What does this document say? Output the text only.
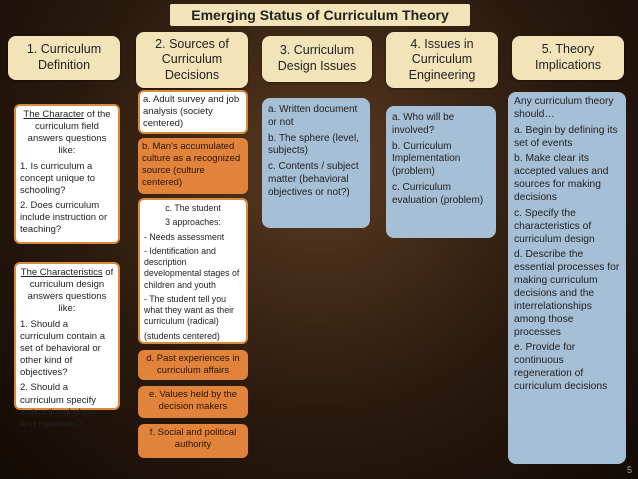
Emerging Status of Curriculum Theory
1. Curriculum Definition
2. Sources of Curriculum Decisions
3. Curriculum Design Issues
4. Issues in Curriculum Engineering
5. Theory Implications

The Character of the curriculum field answers questions like:

1. Is curriculum a concept unique to schooling?

2. Does curriculum include instruction or teaching?

The Characteristics of curriculum design answers questions like:

1. Should a curriculum contain a set of behavioral or other kind of objectives?

2. Should a curriculum specify instructional plans and materials?

a. Adult survey and job analysis (society centered)
b. Man’s accumulated culture as a recognized source (culture centered)

c. The student

3 approaches:

- Needs assessment

- Identification and description developmental stages of children and youth

- The student tell you what they want as their curriculum (radical)

(students centered)

d. Past experiences in curriculum affairs
e. Values held by the decision makers
f. Social and political authority

a. Written document or not

b. The sphere (level, subjects)

c. Contents / subject matter (behavioral objectives or not?)

a. Who will be involved?

b. Curriculum Implementation (problem)

c. Curriculum evaluation (problem)

Any curriculum theory should…

a. Begin by defining its set of events

b. Make clear its accepted values and sources for making decisions

c. Specify the characteristics of curriculum design

d. Describe the essential processes for making curriculum decisions and the interrelationships among those processes

e. Provide for continuous regeneration of curriculum decisions

5
